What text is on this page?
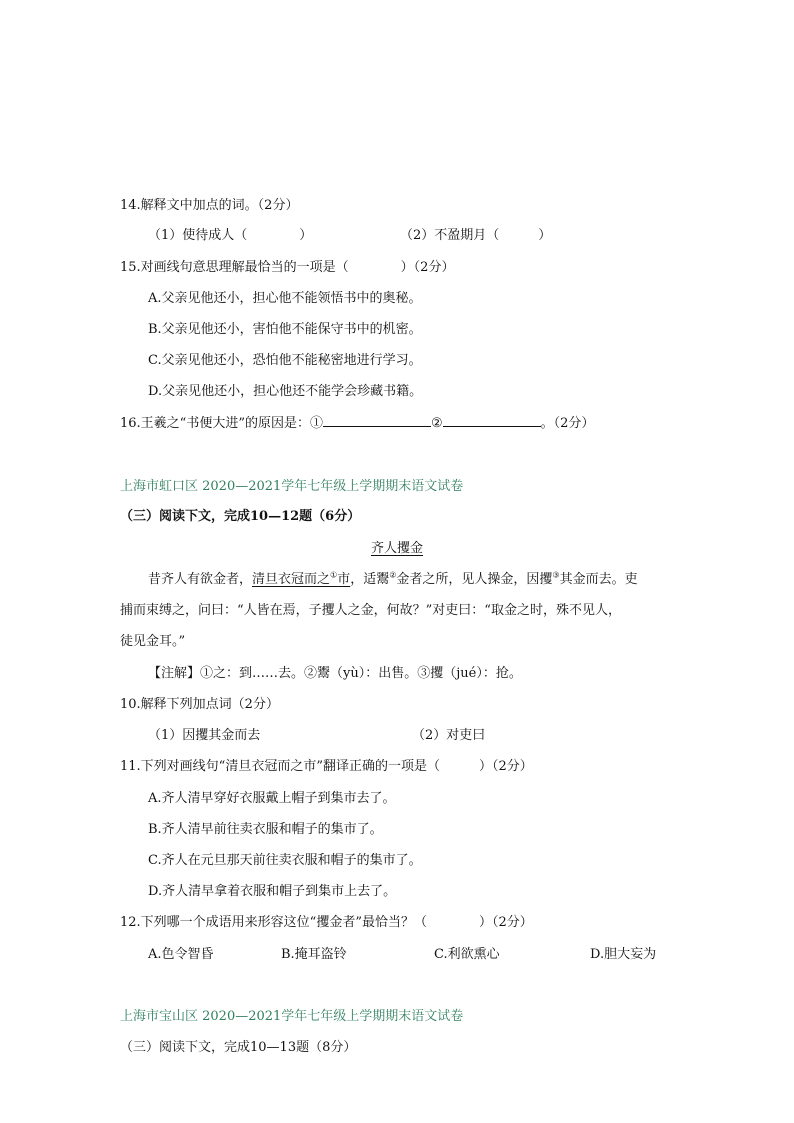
14.解释文中加点的词。（2分）
（1）使待成人（　　　　）	（2）不盈期月（　　　）
15.对画线句意思理解最恰当的一项是（　　　　）（2分）
A.父亲见他还小，担心他不能领悟书中的奥秘。
B.父亲见他还小，害怕他不能保守书中的机密。
C.父亲见他还小，恐怕他不能秘密地进行学习。
D.父亲见他还小，担心他还不能学会珍藏书籍。
16.王羲之“书便大进”的原因是：①	②	。（2分）
上海市虹口区 2020—2021学年七年级上学期期末语文试卷
（三）阅读下文，完成10—12题（6分）
齐人攫金
昔齐人有欲金者，清旦衣冠而之①市，适鬻②金者之所，见人操金，因攫③其金而去。吏
捕而束缚之，问曰：“人皆在焉，子攫人之金，何故？”对吏曰：“取金之时，殊不见人，
徒见金耳。”
【注解】①之：到……去。②鬻（yù）：出售。③攫（jué）：抢。
10.解释下列加点词（2分）
（1）因攫其金而去	（2）对吏曰
11.下列对画线句“清旦衣冠而之市”翻译正确的一项是（　　　）（2分）
A.齐人清早穿好衣服戴上帽子到集市去了。
B.齐人清早前往卖衣服和帽子的集市了。
C.齐人在元旦那天前往卖衣服和帽子的集市了。
D.齐人清早拿着衣服和帽子到集市上去了。
12.下列哪一个成语用来形容这位“攫金者”最恰当？（　　　　）（2分）
A.色令智昏	B.掩耳盗铃	C.利欲熏心	D.胆大妄为
上海市宝山区 2020—2021学年七年级上学期期末语文试卷
（三）阅读下文，完成10—13题（8分）
